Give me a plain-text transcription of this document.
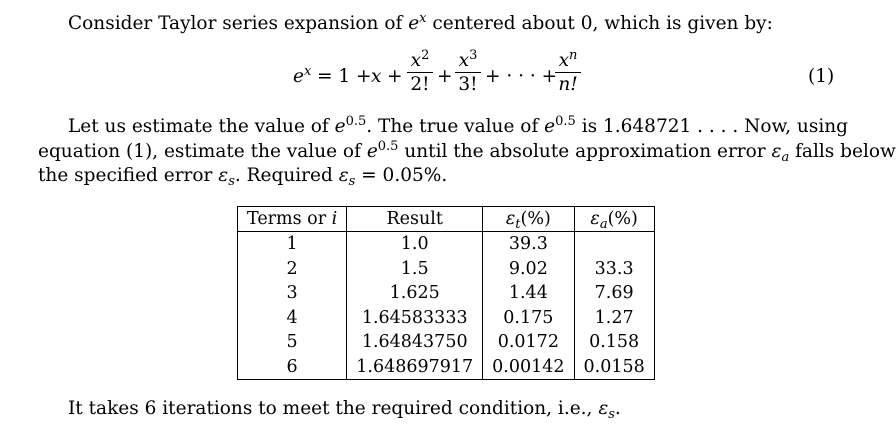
Consider Taylor series expansion of $e^x$ centered about 0, which is given by:
$e^x = 1 + x$ +
$x^2$
2! +
$x^3$
3! + · · · +
$x^n$
n!	(1)
Let us estimate the value of $e^{0.5}$. The true value of $e^{0.5}$ is 1.648721 . . . . Now, using
equation (1), estimate the value of $e^{0.5}$ until the absolute approximation error $\varepsilon_a$ falls below
the specified error $\varepsilon_s$. Required $\varepsilon_s = 0.05\%$.
Terms or i	Result	$\varepsilon_t(\%)$	$\varepsilon_a(\%)$
1	1.0	39.3	
2	1.5	9.02	33.3
3	1.625	1.44	7.69
4	1.64583333	0.175	1.27
5	1.64843750	0.0172	0.158
6	1.648697917	0.00142	0.0158
It takes 6 iterations to meet the required condition, i.e., $\varepsilon_s$.
